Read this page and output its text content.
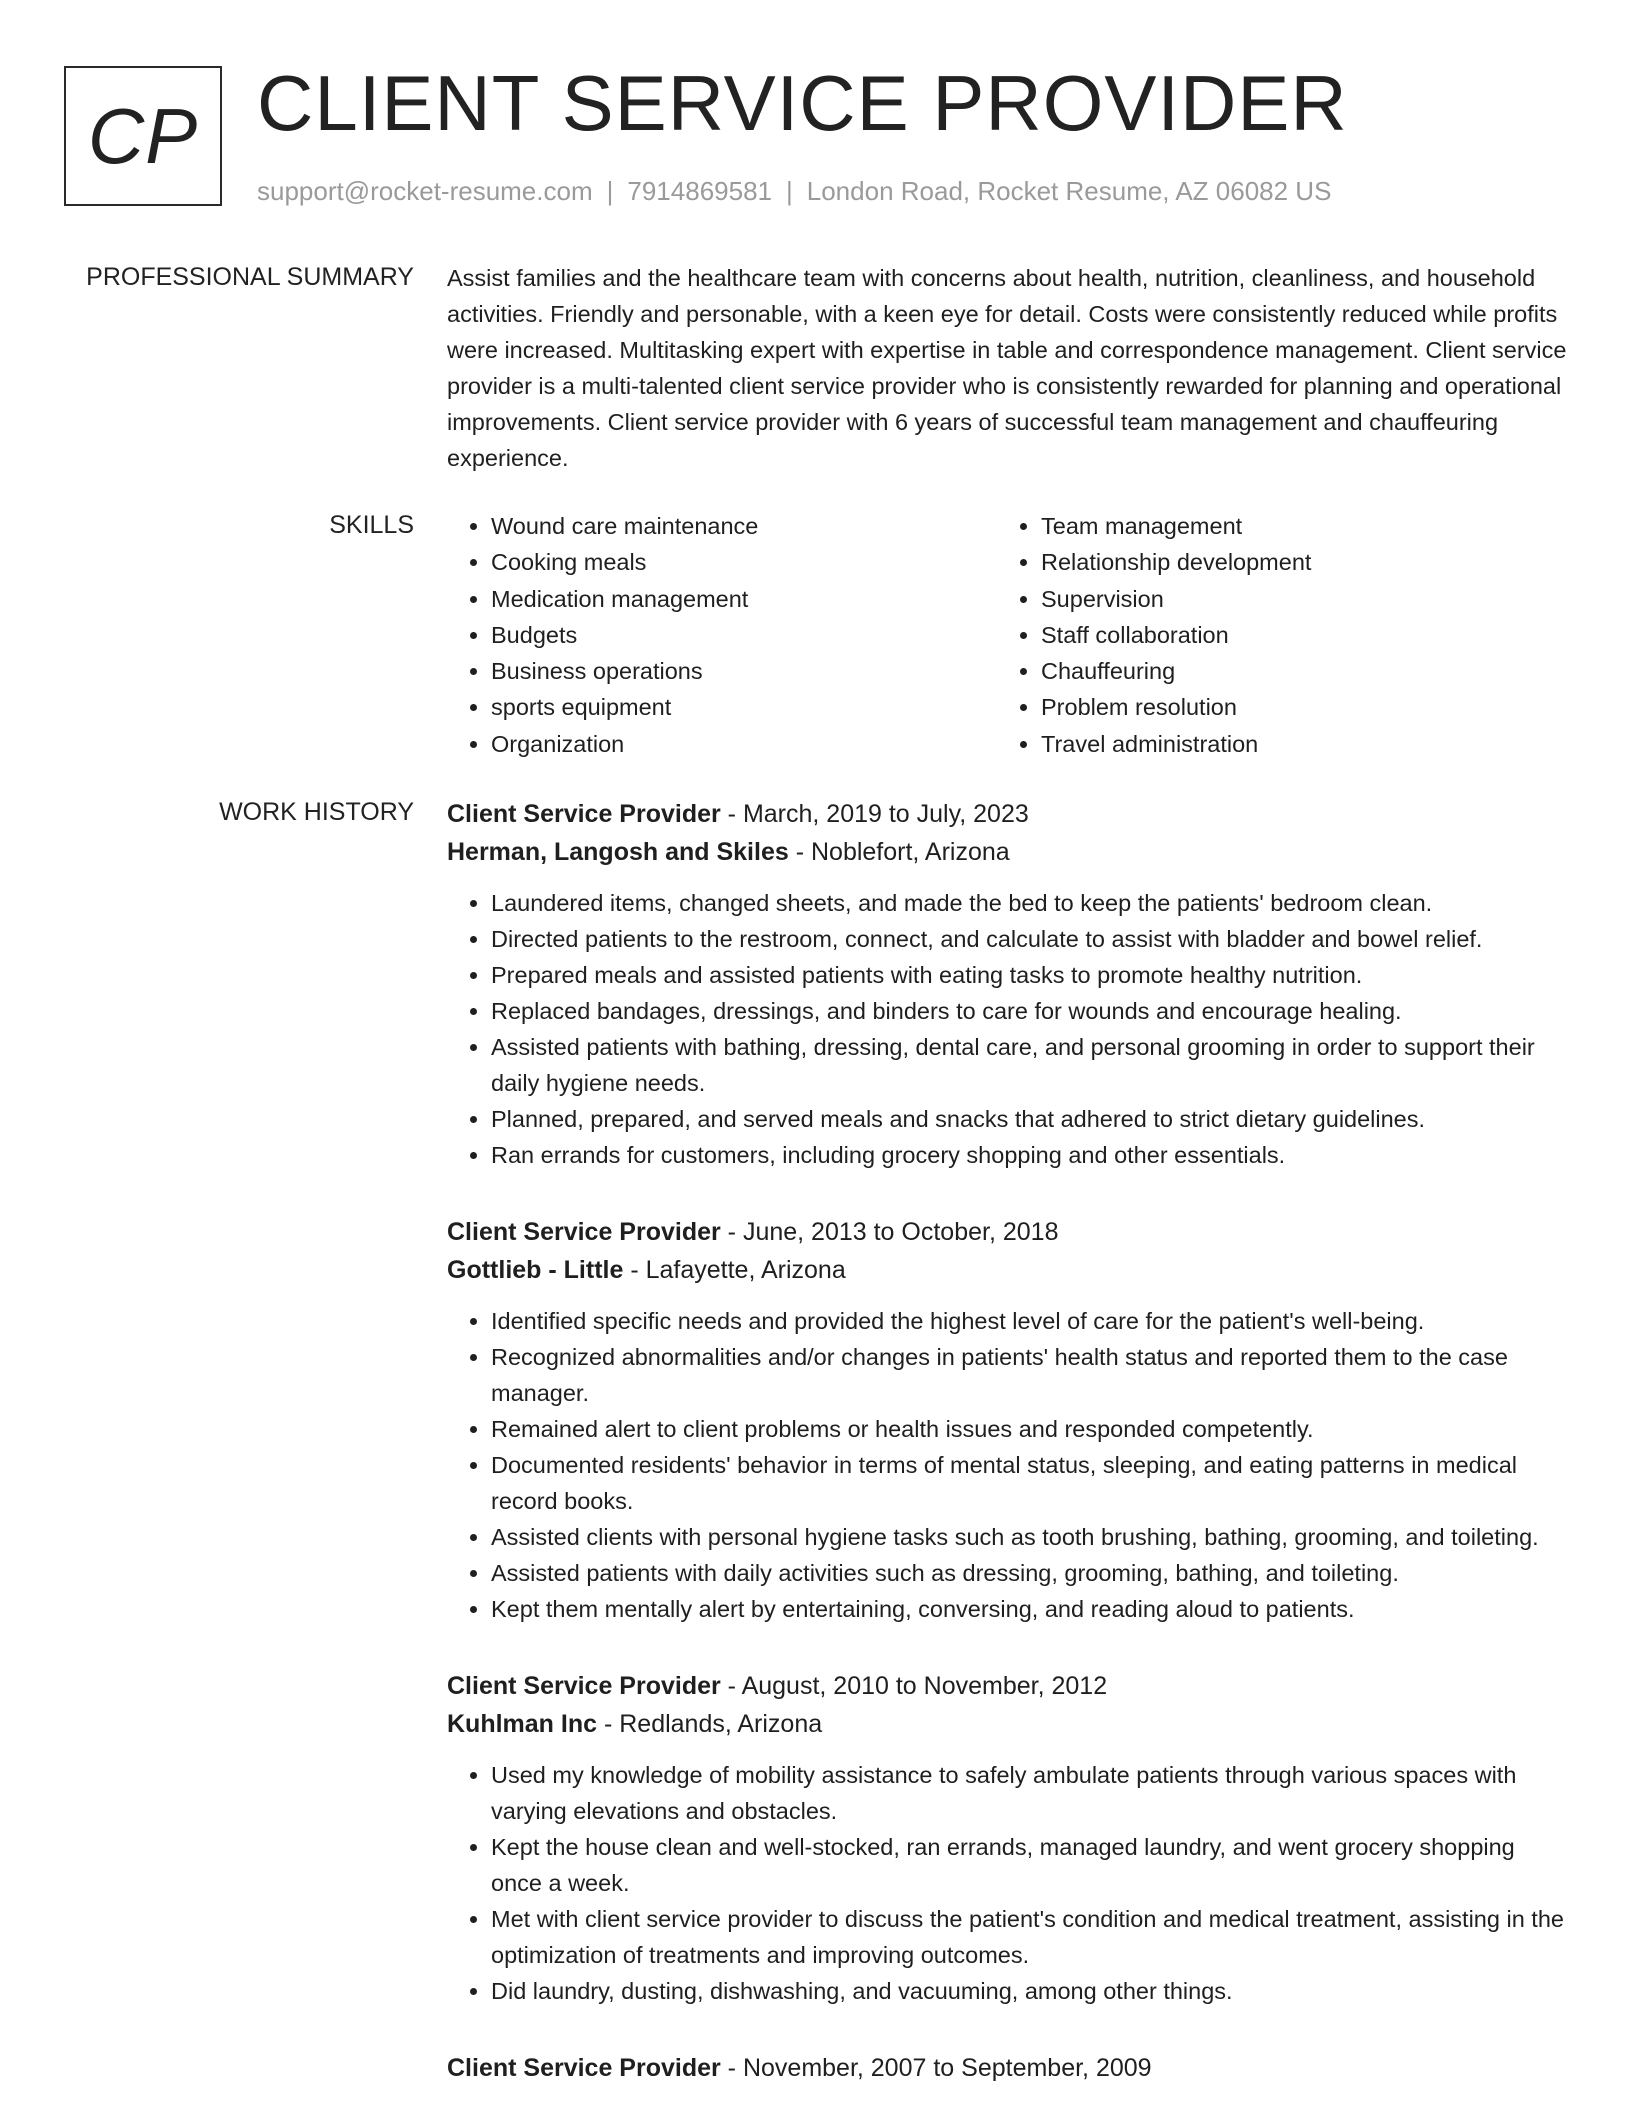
CP CLIENT SERVICE PROVIDER
support@rocket-resume.com | 7914869581 | London Road, Rocket Resume, AZ 06082 US
PROFESSIONAL SUMMARY Assist families and the healthcare team with concerns about health, nutrition, cleanliness, and household activities. Friendly and personable, with a keen eye for detail. Costs were consistently reduced while profits were increased. Multitasking expert with expertise in table and correspondence management. Client service provider is a multi-talented client service provider who is consistently rewarded for planning and operational improvements. Client service provider with 6 years of successful team management and chauffeuring experience.

SKILLS
•	Wound care maintenance
• Cooking meals
• Medication management
• Budgets
• Business operations
• sports equipment
• Organization
• Team management
• Relationship development
• Supervision
• Staff collaboration
• Chauffeuring
• Problem resolution
• Travel administration
WORK HISTORY Client Service Provider - March, 2019 to July, 2023
Herman, Langosh and Skiles - Noblefort, Arizona
• Laundered items, changed sheets, and made the bed to keep the patients' bedroom clean.
• Directed patients to the restroom, connect, and calculate to assist with bladder and bowel relief.
• Prepared meals and assisted patients with eating tasks to promote healthy nutrition.
• Replaced bandages, dressings, and binders to care for wounds and encourage healing.
• Assisted patients with bathing, dressing, dental care, and personal grooming in order to support their daily hygiene needs.
• Planned, prepared, and served meals and snacks that adhered to strict dietary guidelines.
• Ran errands for customers, including grocery shopping and other essentials.
Client Service Provider - June, 2013 to October, 2018
Gottlieb - Little - Lafayette, Arizona
• Identified specific needs and provided the highest level of care for the patient's well-being.
• Recognized abnormalities and/or changes in patients' health status and reported them to the case manager.
• Remained alert to client problems or health issues and responded competently.
• Documented residents' behavior in terms of mental status, sleeping, and eating patterns in medical record books.
• Assisted clients with personal hygiene tasks such as tooth brushing, bathing, grooming, and toileting.
• Assisted patients with daily activities such as dressing, grooming, bathing, and toileting.
• Kept them mentally alert by entertaining, conversing, and reading aloud to patients.
Client Service Provider - August, 2010 to November, 2012
Kuhlman Inc - Redlands, Arizona
• Used my knowledge of mobility assistance to safely ambulate patients through various spaces with varying elevations and obstacles.
• Kept the house clean and well-stocked, ran errands, managed laundry, and went grocery shopping once a week.
• Met with client service provider to discuss the patient's condition and medical treatment, assisting in the optimization of treatments and improving outcomes.
• Did laundry, dusting, dishwashing, and vacuuming, among other things.
Client Service Provider - November, 2007 to September, 2009
